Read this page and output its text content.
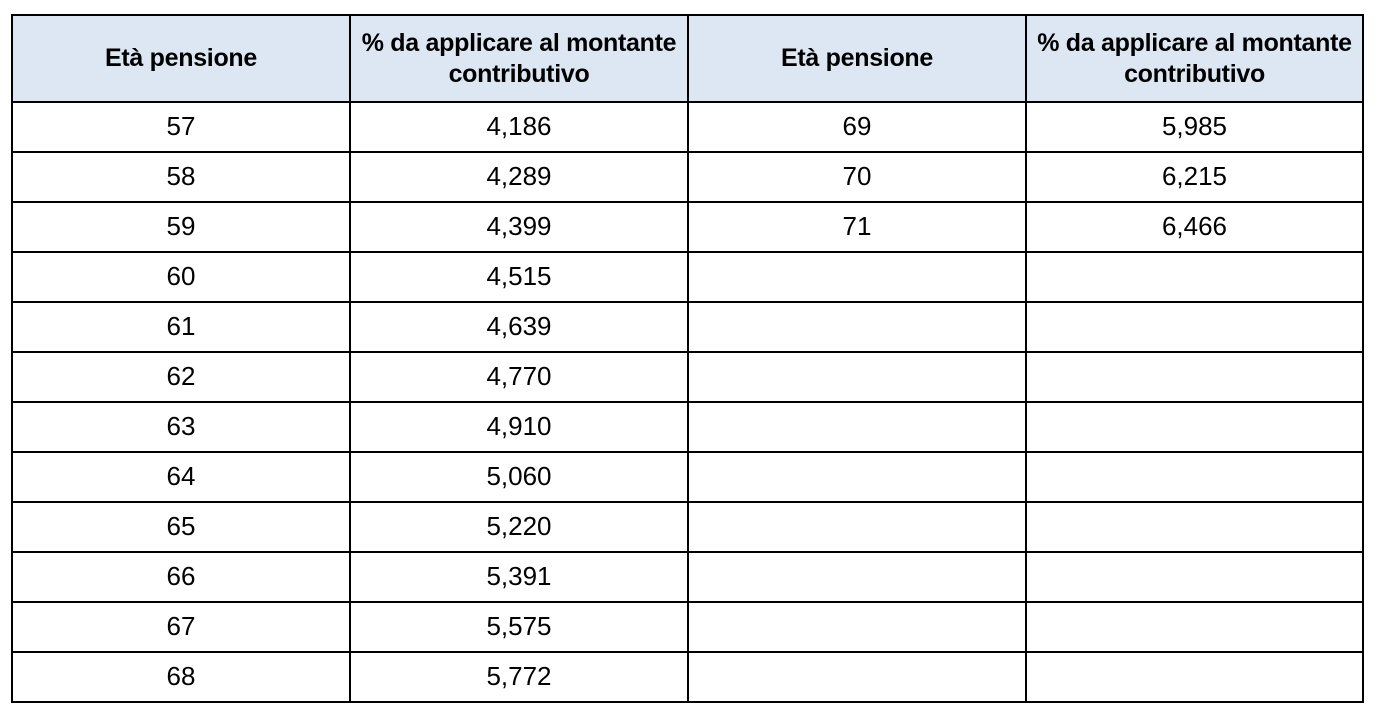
Età pensione	% da applicare al montante contributivo	Età pensione	% da applicare al montante contributivo
57	4,186	69	5,985
58	4,289	70	6,215
59	4,399	71	6,466
60	4,515		
61	4,639		
62	4,770		
63	4,910		
64	5,060		
65	5,220		
66	5,391		
67	5,575		
68	5,772		
